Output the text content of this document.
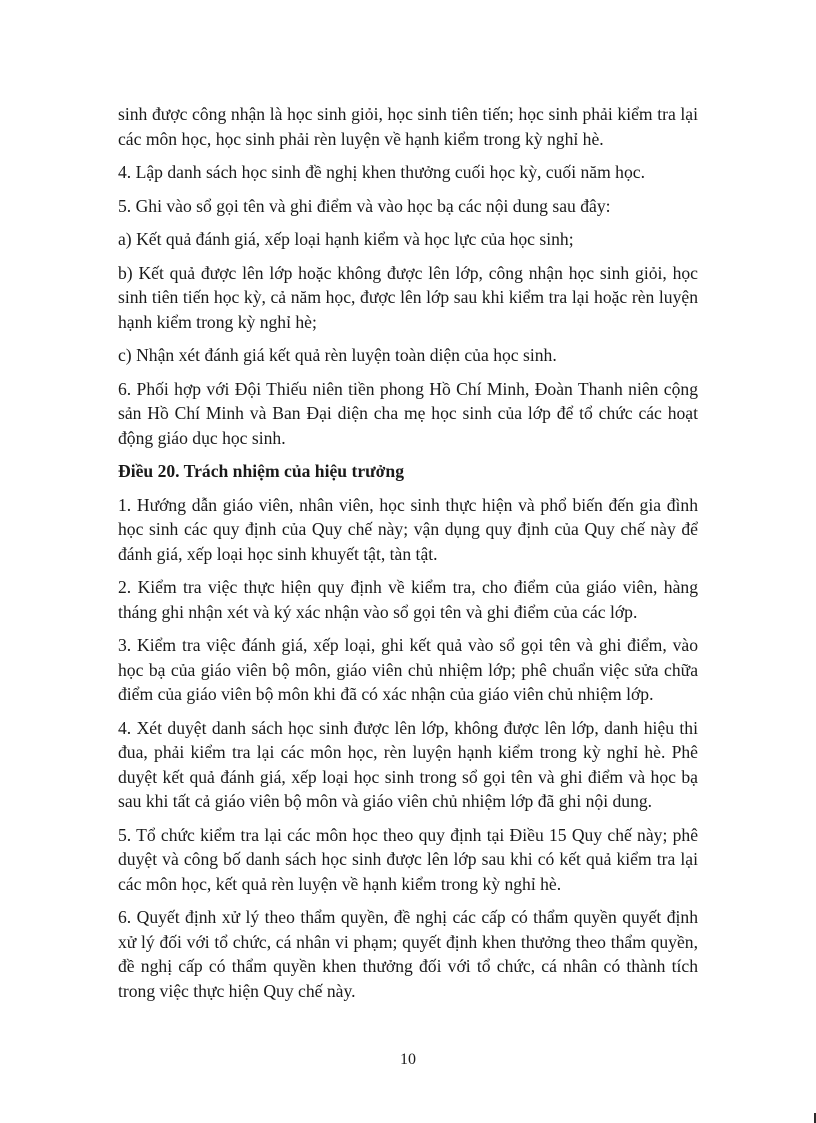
sinh được công nhận là học sinh giỏi, học sinh tiên tiến; học sinh phải kiểm tra lại các môn học, học sinh phải rèn luyện về hạnh kiểm trong kỳ nghỉ hè.

4. Lập danh sách học sinh đề nghị khen thưởng cuối học kỳ, cuối năm học.

5. Ghi vào sổ gọi tên và ghi điểm và vào học bạ các nội dung sau đây:

a) Kết quả đánh giá, xếp loại hạnh kiểm và học lực của học sinh;

b) Kết quả được lên lớp hoặc không được lên lớp, công nhận học sinh giỏi, học sinh tiên tiến học kỳ, cả năm học, được lên lớp sau khi kiểm tra lại hoặc rèn luyện hạnh kiểm trong kỳ nghỉ hè;

c) Nhận xét đánh giá kết quả rèn luyện toàn diện của học sinh.

6. Phối hợp với Đội Thiếu niên tiền phong Hồ Chí Minh, Đoàn Thanh niên cộng sản Hồ Chí Minh và Ban Đại diện cha mẹ học sinh của lớp để tổ chức các hoạt động giáo dục học sinh.

Điều 20. Trách nhiệm của hiệu trưởng

1. Hướng dẫn giáo viên, nhân viên, học sinh thực hiện và phổ biến đến gia đình học sinh các quy định của Quy chế này; vận dụng quy định của Quy chế này để đánh giá, xếp loại học sinh khuyết tật, tàn tật.

2. Kiểm tra việc thực hiện quy định về kiểm tra, cho điểm của giáo viên, hàng tháng ghi nhận xét và ký xác nhận vào sổ gọi tên và ghi điểm của các lớp.

3. Kiểm tra việc đánh giá, xếp loại, ghi kết quả vào sổ gọi tên và ghi điểm, vào học bạ của giáo viên bộ môn, giáo viên chủ nhiệm lớp; phê chuẩn việc sửa chữa điểm của giáo viên bộ môn khi đã có xác nhận của giáo viên chủ nhiệm lớp.

4. Xét duyệt danh sách học sinh được lên lớp, không được lên lớp, danh hiệu thi đua, phải kiểm tra lại các môn học, rèn luyện hạnh kiểm trong kỳ nghỉ hè. Phê duyệt kết quả đánh giá, xếp loại học sinh trong sổ gọi tên và ghi điểm và học bạ sau khi tất cả giáo viên bộ môn và giáo viên chủ nhiệm lớp đã ghi nội dung.

5. Tổ chức kiểm tra lại các môn học theo quy định tại Điều 15 Quy chế này; phê duyệt và công bố danh sách học sinh được lên lớp sau khi có kết quả kiểm tra lại các môn học, kết quả rèn luyện về hạnh kiểm trong kỳ nghỉ hè.

6. Quyết định xử lý theo thẩm quyền, đề nghị các cấp có thẩm quyền quyết định xử lý đối với tổ chức, cá nhân vi phạm; quyết định khen thưởng theo thẩm quyền, đề nghị cấp có thẩm quyền khen thưởng đối với tổ chức, cá nhân có thành tích trong việc thực hiện Quy chế này.

10
